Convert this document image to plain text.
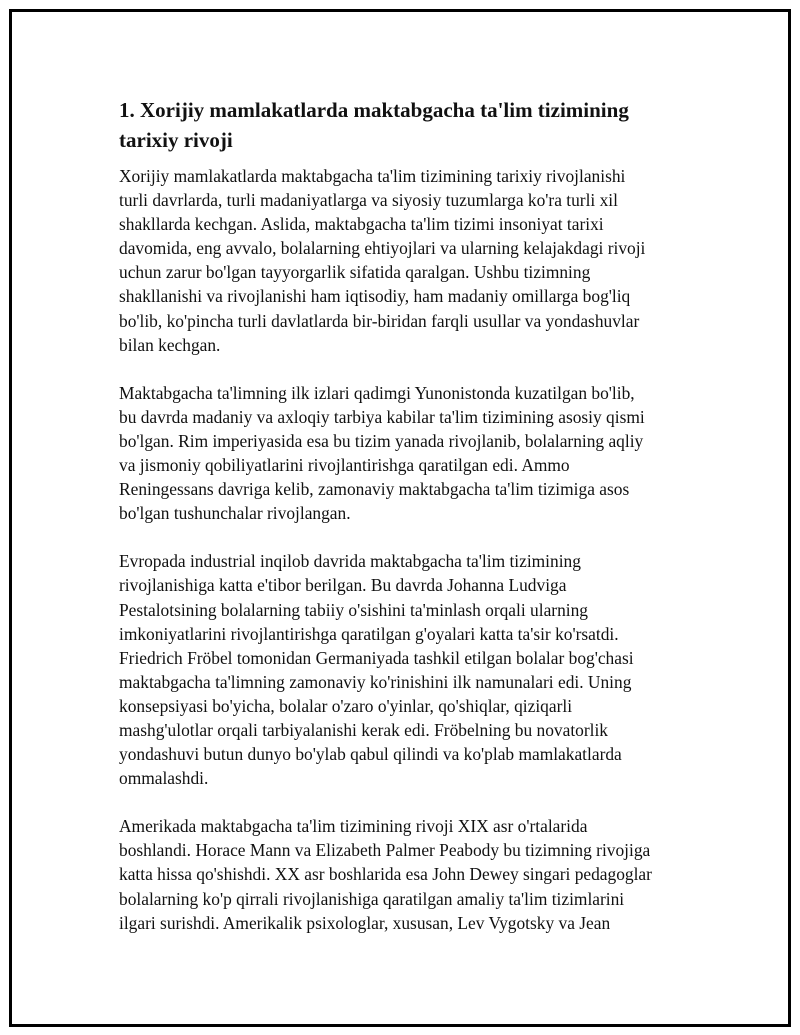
1. Xorijiy mamlakatlarda maktabgacha ta'lim tizimining
tarixiy rivoji

Xorijiy mamlakatlarda maktabgacha ta'lim tizimining tarixiy rivojlanishi
turli davrlarda, turli madaniyatlarga va siyosiy tuzumlarga ko'ra turli xil
shakllarda kechgan. Aslida, maktabgacha ta'lim tizimi insoniyat tarixi
davomida, eng avvalo, bolalarning ehtiyojlari va ularning kelajakdagi rivoji
uchun zarur bo'lgan tayyorgarlik sifatida qaralgan. Ushbu tizimning
shakllanishi va rivojlanishi ham iqtisodiy, ham madaniy omillarga bog'liq
bo'lib, ko'pincha turli davlatlarda bir-biridan farqli usullar va yondashuvlar
bilan kechgan.

Maktabgacha ta'limning ilk izlari qadimgi Yunonistonda kuzatilgan bo'lib,
bu davrda madaniy va axloqiy tarbiya kabilar ta'lim tizimining asosiy qismi
bo'lgan. Rim imperiyasida esa bu tizim yanada rivojlanib, bolalarning aqliy
va jismoniy qobiliyatlarini rivojlantirishga qaratilgan edi. Ammo
Reningessans davriga kelib, zamonaviy maktabgacha ta'lim tizimiga asos
bo'lgan tushunchalar rivojlangan.

Evropada industrial inqilob davrida maktabgacha ta'lim tizimining
rivojlanishiga katta e'tibor berilgan. Bu davrda Johanna Ludviga
Pestalotsining bolalarning tabiiy o'sishini ta'minlash orqali ularning
imkoniyatlarini rivojlantirishga qaratilgan g'oyalari katta ta'sir ko'rsatdi.
Friedrich Fröbel tomonidan Germaniyada tashkil etilgan bolalar bog'chasi
maktabgacha ta'limning zamonaviy ko'rinishini ilk namunalari edi. Uning
konsepsiyasi bo'yicha, bolalar o'zaro o'yinlar, qo'shiqlar, qiziqarli
mashg'ulotlar orqali tarbiyalanishi kerak edi. Fröbelning bu novatorlik
yondashuvi butun dunyo bo'ylab qabul qilindi va ko'plab mamlakatlarda
ommalashdi.

Amerikada maktabgacha ta'lim tizimining rivoji XIX asr o'rtalarida
boshlandi. Horace Mann va Elizabeth Palmer Peabody bu tizimning rivojiga
katta hissa qo'shishdi. XX asr boshlarida esa John Dewey singari pedagoglar
bolalarning ko'p qirrali rivojlanishiga qaratilgan amaliy ta'lim tizimlarini
ilgari surishdi. Amerikalik psixologlar, xususan, Lev Vygotsky va Jean
